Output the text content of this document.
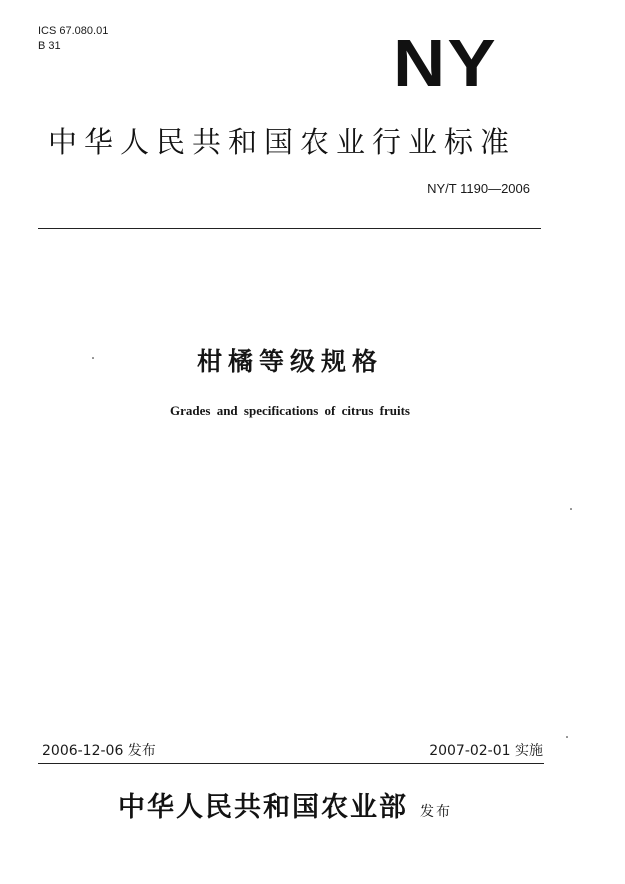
ICS 67.080.01
B 31	NY
中华人民共和国农业行业标准
NY/T 1190—2006
柑橘等级规格
Grades and specifications of citrus fruits
2006-12-06 发布	2007-02-01 实施
中华人民共和国农业部 发布
